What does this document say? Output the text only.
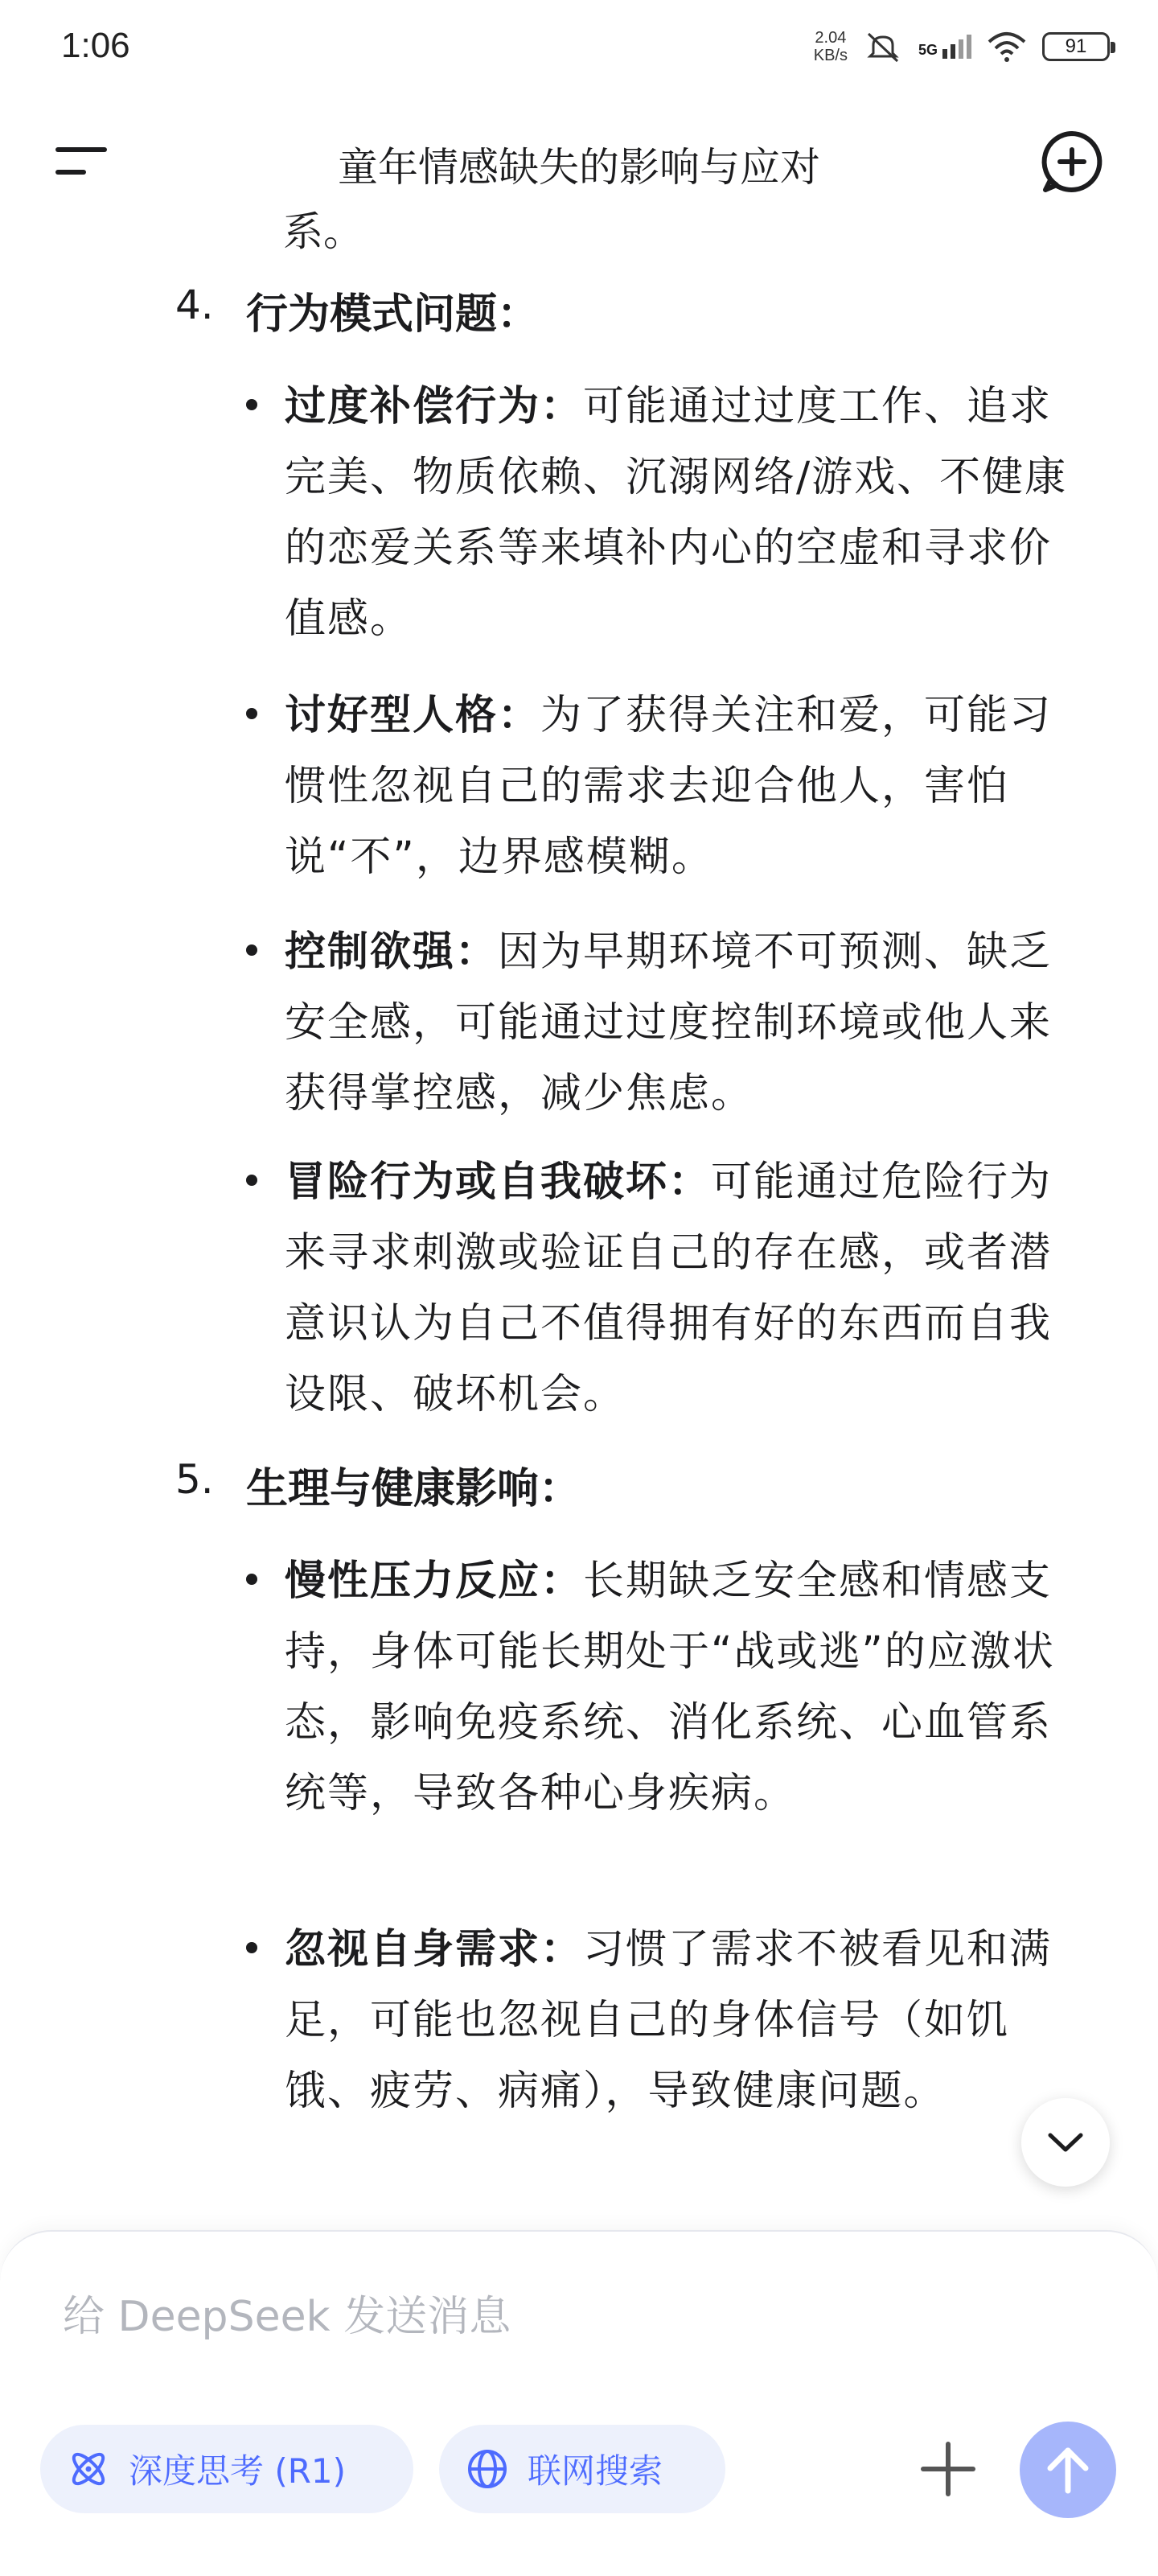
1:06	2.04
KB/s	5G	91
童年情感缺失的影响与应对
系。
4. 行为模式问题：
过度补偿行为：可能通过过度工作、追求完美、物质依赖、沉溺网络/游戏、不健康的恋爱关系等来填补内心的空虚和寻求价值感。
讨好型人格：为了获得关注和爱，可能习惯性忽视自己的需求去迎合他人，害怕说“不”，边界感模糊。
控制欲强：因为早期环境不可预测、缺乏安全感，可能通过过度控制环境或他人来获得掌控感，减少焦虑。
冒险行为或自我破坏：可能通过危险行为来寻求刺激或验证自己的存在感，或者潜意识认为自己不值得拥有好的东西而自我设限、破坏机会。
5. 生理与健康影响：
慢性压力反应：长期缺乏安全感和情感支持，身体可能长期处于“战或逃”的应激状态，影响免疫系统、消化系统、心血管系统等，导致各种心身疾病。
忽视自身需求：习惯了需求不被看见和满足，可能也忽视自己的身体信号（如饥饿、疲劳、病痛），导致健康问题。
给 DeepSeek 发送消息
深度思考 (R1)	联网搜索
